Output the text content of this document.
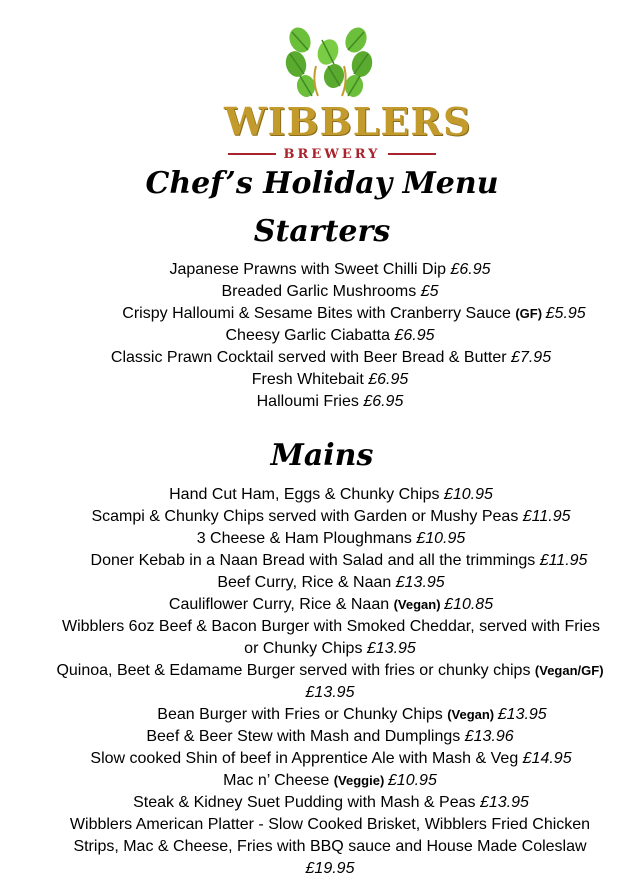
WIBBLERS
BREWERY
Chef’s Holiday Menu
Starters
Japanese Prawns with Sweet Chilli Dip £6.95
Breaded Garlic Mushrooms £5
Crispy Halloumi & Sesame Bites with Cranberry Sauce (GF) £5.95
Cheesy Garlic Ciabatta £6.95
Classic Prawn Cocktail served with Beer Bread & Butter £7.95
Fresh Whitebait £6.95
Halloumi Fries £6.95
Mains
Hand Cut Ham, Eggs & Chunky Chips £10.95
Scampi & Chunky Chips served with Garden or Mushy Peas £11.95
3 Cheese & Ham Ploughmans £10.95
Doner Kebab in a Naan Bread with Salad and all the trimmings £11.95
Beef Curry, Rice & Naan £13.95
Cauliflower Curry, Rice & Naan (Vegan) £10.85
Wibblers 6oz Beef & Bacon Burger with Smoked Cheddar, served with Fries
or Chunky Chips £13.95
Quinoa, Beet & Edamame Burger served with fries or chunky chips (Vegan/GF)
£13.95
Bean Burger with Fries or Chunky Chips (Vegan) £13.95
Beef & Beer Stew with Mash and Dumplings £13.96
Slow cooked Shin of beef in Apprentice Ale with Mash & Veg £14.95
Mac n’ Cheese (Veggie) £10.95
Steak & Kidney Suet Pudding with Mash & Peas £13.95
Wibblers American Platter - Slow Cooked Brisket, Wibblers Fried Chicken
Strips, Mac & Cheese, Fries with BBQ sauce and House Made Coleslaw
£19.95
